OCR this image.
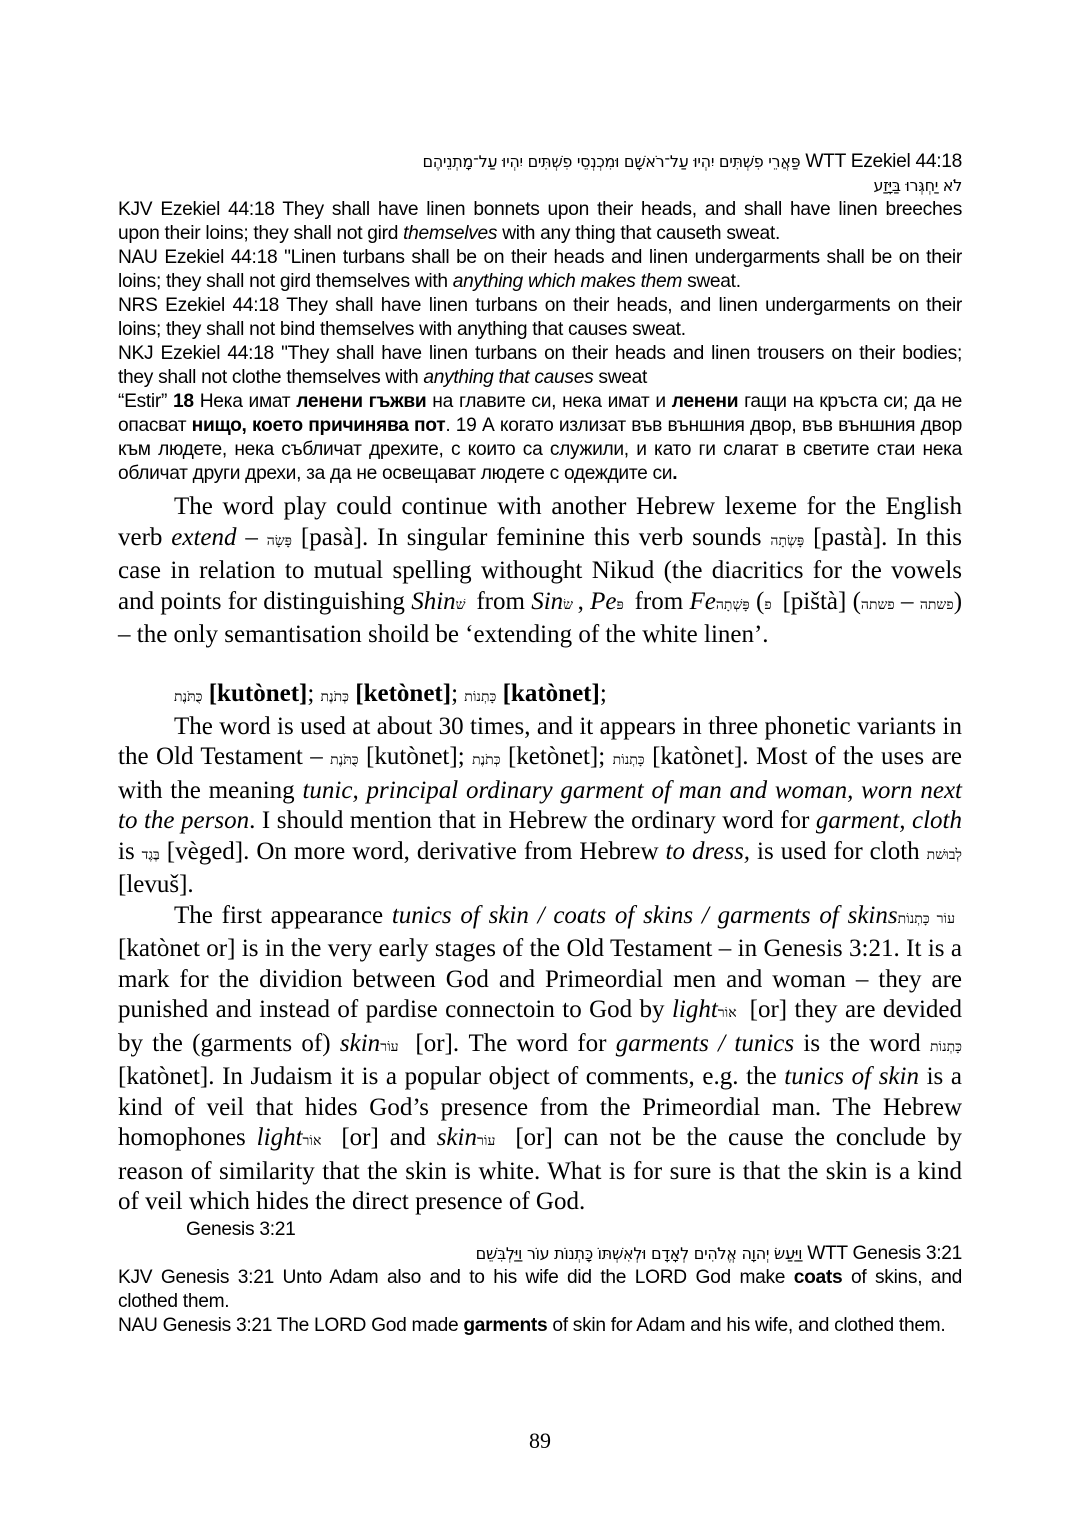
פַּאֲרֵי פִשְׁתִּים יִהְיוּ עַל־רֹאשָׁם וּמִכְנְסֵי פִשְׁתִּים יִהְיוּ עַל־מָתְנֵיהֶם WTT Ezekiel 44:18
לֹא יַחְגְּרוּ בַּיָּזַע
KJV Ezekiel 44:18 They shall have linen bonnets upon their heads, and shall have linen breeches upon their loins; they shall not gird themselves with any thing that causeth sweat.
NAU Ezekiel 44:18 "Linen turbans shall be on their heads and linen undergarments shall be on their loins; they shall not gird themselves with anything which makes them sweat.
NRS Ezekiel 44:18 They shall have linen turbans on their heads, and linen undergarments on their loins; they shall not bind themselves with anything that causes sweat.
NKJ Ezekiel 44:18 "They shall have linen turbans on their heads and linen trousers on their bodies; they shall not clothe themselves with anything that causes sweat
“Estir” 18 Нека имат ленени гъжви на главите си, нека имат и ленени гащи на кръста си; да не опасват нищо, което причинява пот. 19 А когато излизат във външния двор, във външния двор към людете, нека събличат дрехите, с които са служили, и като ги слагат в светите стаи нека обличат други дрехи, за да не освещават людете с одеждите си.

The word play could continue with another Hebrew lexeme for the English verb extend – פָּשָׂה [pasà]. In singular feminine this verb sounds פָּשְׂתָה [pastà]. In this case in relation to mutual spelling withought Nikud (the diacritics for the vowels and points for distinguishing Shin שׁ from Sin שׂ, Pe פּ from Fe	פ) פָּשְׁתָה [pištà] (	פשתה – פשתה ) – the only semantisation shoild be ‘extending of the white linen’.

כֻּתֹּנֶת [kutònet]; כְּתֹנֶת [ketònet]; כָּתְנוֹת [katònet];

The word is used at about 30 times, and it appears in three phonetic variants in the Old Testament – כֻּתֹּנֶת [kutònet]; כְּתֹנֶת [ketònet]; כָּתְנוֹת [katònet]. Most of the uses are with the meaning tunic, principal ordinary garment of man and woman, worn next to the person. I should mention that in Hebrew the ordinary word for garment, cloth is בֶּגֶד [vèged]. On more word, derivative from Hebrew to dress, is used for cloth לְבוּשׁת [levuš].

The first appearance tunics of skin / coats of skins / garments of skins עוֹר כָּתְנוֹת [katònet or] is in the very early stages of the Old Testament – in Genesis 3:21. It is a mark for the dividion between God and Primeordial men and woman – they are punished and instead of pardise connectoin to God by light אוֹר [or] they are devided by the (garments of) skin עוֹר [or]. The word for garments / tunics is the word כָּתְנוֹת [katònet]. In Judaism it is a popular object of comments, e.g. the tunics of skin is a kind of veil that hides God’s presence from the Primeordial man. The Hebrew homophones light אוֹר [or] and skin עוֹר [or] can not be the cause the conclude by reason of similarity that the skin is white. What is for sure is that the skin is a kind of veil which hides the direct presence of God.

Genesis 3:21
וַיַּעַשׂ יְהוָה אֱלֹהִים לְאָדָם וּלְאִשְׁתּוֹ כָּתְנוֹת עוֹר וַיַּלְבִּשֵׁם WTT Genesis 3:21
KJV Genesis 3:21 Unto Adam also and to his wife did the LORD God make coats of skins, and clothed them.
NAU Genesis 3:21 The LORD God made garments of skin for Adam and his wife, and clothed them.
89
